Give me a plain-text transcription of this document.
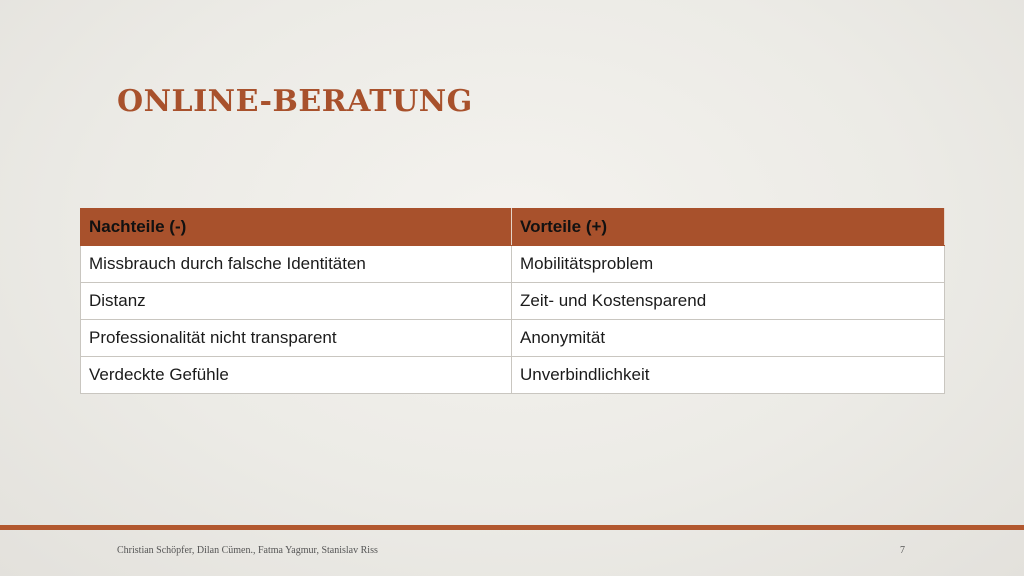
ONLINE-BERATUNG
Nachteile (-)	Vorteile (+)
Missbrauch durch falsche Identitäten	Mobilitätsproblem
Distanz	Zeit- und Kostensparend
Professionalität nicht transparent	Anonymität
Verdeckte Gefühle	Unverbindlichkeit
Christian Schöpfer, Dilan Cümen., Fatma Yagmur, Stanislav Riss	7
